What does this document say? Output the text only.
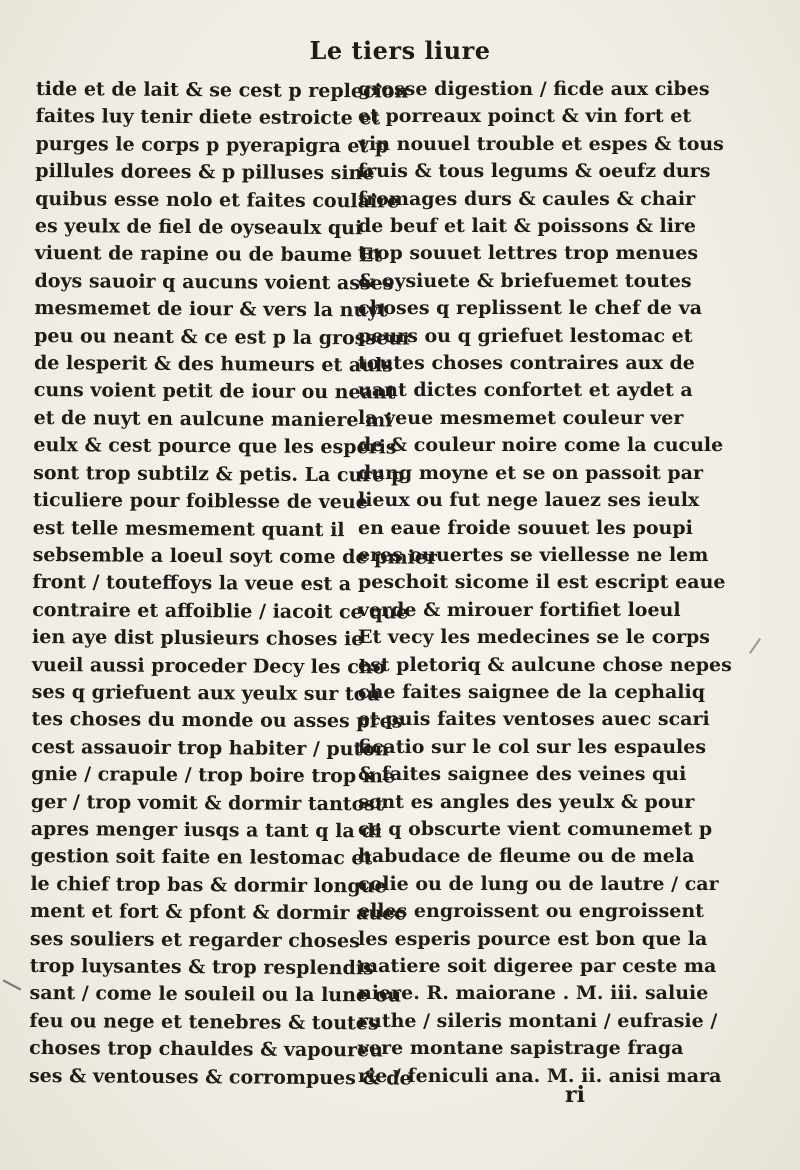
Le tiers liure
tide et de lait & se cest p replecion
faites luy tenir diete estroicte et
purges le corps p pyerapigra et p
pillules dorees & p pilluses sine
quibus esse nolo et faites coulaire
es yeulx de fiel de oyseaulx qui
viuent de rapine ou de baume Et
doys sauoir q aucuns voient asses
mesmemet de iour & vers la nuyt
peu ou neant & ce est p la grosseur
de lesperit & des humeurs et auls
cuns voient petit de iour ou neant
et de nuyt en aulcune maniere mi
eulx & cest pource que les esperis
sont trop subtilz & petis. La cure p
ticuliere pour foiblesse de veue
est telle mesmement quant il
sebsemble a loeul soyt come de pmier
front / touteffoys la veue est a
contraire et affoiblie / iacoit ce que
ien aye dist plusieurs choses ie
vueil aussi proceder Decy les cho
ses q griefuent aux yeulx sur tou
tes choses du monde ou asses pres
cest assauoir trop habiter / puton
gnie / crapule / trop boire trop me
ger / trop vomit & dormir tantost
apres menger iusqs a tant q la di
gestion soit faite en lestomac et
le chief trop bas & dormir longue
ment et fort & pfont & dormir auec
ses souliers et regarder choses
trop luysantes & trop resplendis
sant / come le souleil ou la lune ou
feu ou nege et tenebres & toutes
choses trop chauldes & vapoureu
ses & ventouses & corrompues & de
grosse digestion / ficde aux cibes
et porreaux poinct & vin fort et
vin nouuel trouble et espes & tous
fruis & tous legums & oeufz durs
fromages durs & caules & chair
de beuf et lait & poissons & lire
trop souuet lettres trop menues
& oysiuete & briefuemet toutes
choses q replissent le chef de va
peurs ou q griefuet lestomac et
toutes choses contraires aux de
uant dictes confortet et aydet a
la veue mesmemet couleur ver
de & couleur noire come la cucule
dung moyne et se on passoit par
lieux ou fut nege lauez ses ieulx
en eaue froide souuet les poupi
eres ouuertes se viellesse ne lem
peschoit sicome il est escript eaue
verde & mirouer fortifiet loeul
Et vecy les medecines se le corps
est pletoriq & aulcune chose nepes
che faites saignee de la cephaliq
et puis faites ventoses auec scari
ficatio sur le col sur les espaules
& faites saignee des veines qui
sont es angles des yeulx & pour
ce q obscurte vient comunemet p
habudace de fleume ou de mela
colie ou de lung ou de lautre / car
elles engroissent ou engroissent
les esperis pource est bon que la
matiere soit digeree par ceste ma
niere. R. maiorane . M. iii. saluie
ruthe / sileris montani / eufrasie /
vere montane sapistrage fraga
rie / feniculi ana. M. ii. anisi mara
ri
